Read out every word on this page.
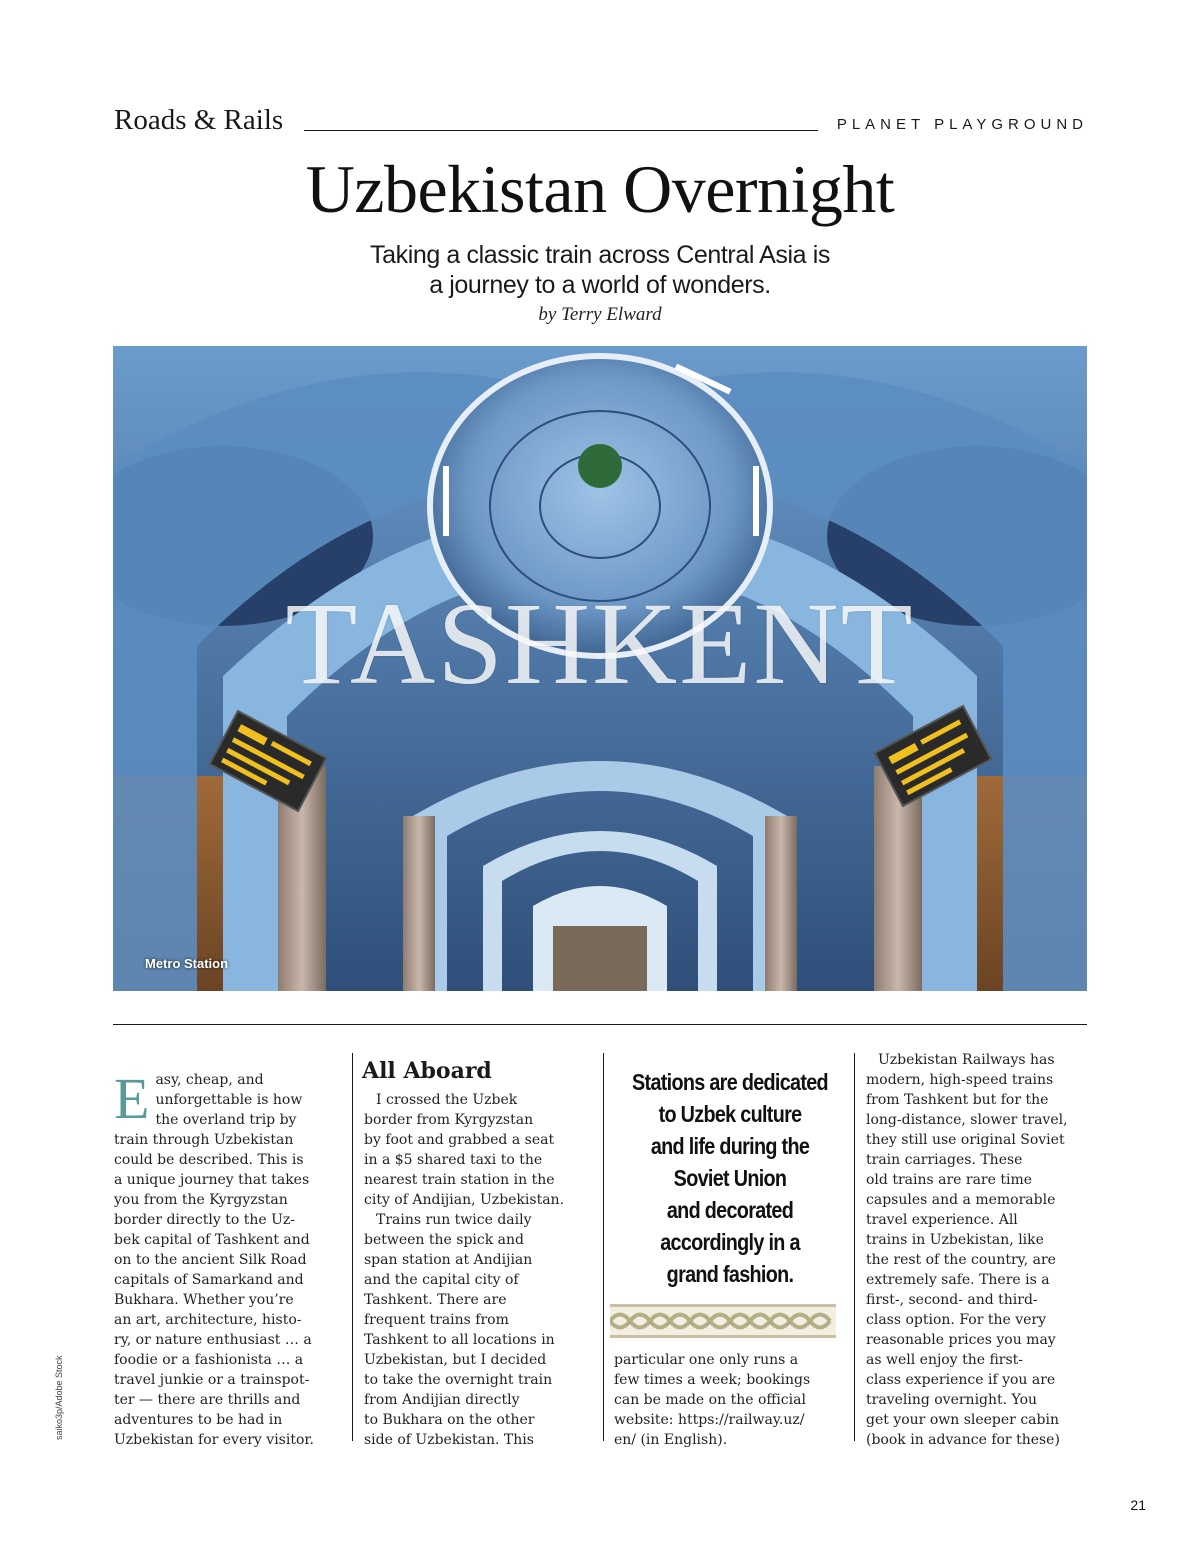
Roads & Rails	PLANET PLAYGROUND
Uzbekistan Overnight
Taking a classic train across Central Asia is
a journey to a world of wonders.
by Terry Elward
TASHKENT
Metro Station
E asy, cheap, and
unforgettable is how
the overland trip by
train through Uzbekistan
could be described. This is
a unique journey that takes
you from the Kyrgyzstan
border directly to the Uz-
bek capital of Tashkent and
on to the ancient Silk Road
capitals of Samarkand and
Bukhara. Whether you’re
an art, architecture, histo-
ry, or nature enthusiast … a
foodie or a fashionista … a
travel junkie or a trainspot-
ter — there are thrills and
adventures to be had in
Uzbekistan for every visitor.
All Aboard
I crossed the Uzbek
border from Kyrgyzstan
by foot and grabbed a seat
in a $5 shared taxi to the
nearest train station in the
city of Andijian, Uzbekistan.
Trains run twice daily
between the spick and
span station at Andijian
and the capital city of
Tashkent. There are
frequent trains from
Tashkent to all locations in
Uzbekistan, but I decided
to take the overnight train
from Andijian directly
to Bukhara on the other
side of Uzbekistan. This
Stations are dedicated
to Uzbek culture
and life during the
Soviet Union
and decorated
accordingly in a
grand fashion.
particular one only runs a
few times a week; bookings
can be made on the official
website: https://railway.uz/
en/ (in English).
Uzbekistan Railways has
modern, high-speed trains
from Tashkent but for the
long-distance, slower travel,
they still use original Soviet
train carriages. These
old trains are rare time
capsules and a memorable
travel experience. All
trains in Uzbekistan, like
the rest of the country, are
extremely safe. There is a
first-, second- and third-
class option. For the very
reasonable prices you may
as well enjoy the first-
class experience if you are
traveling overnight. You
get your own sleeper cabin
(book in advance for these)
saiko3p/Adobe Stock
21
